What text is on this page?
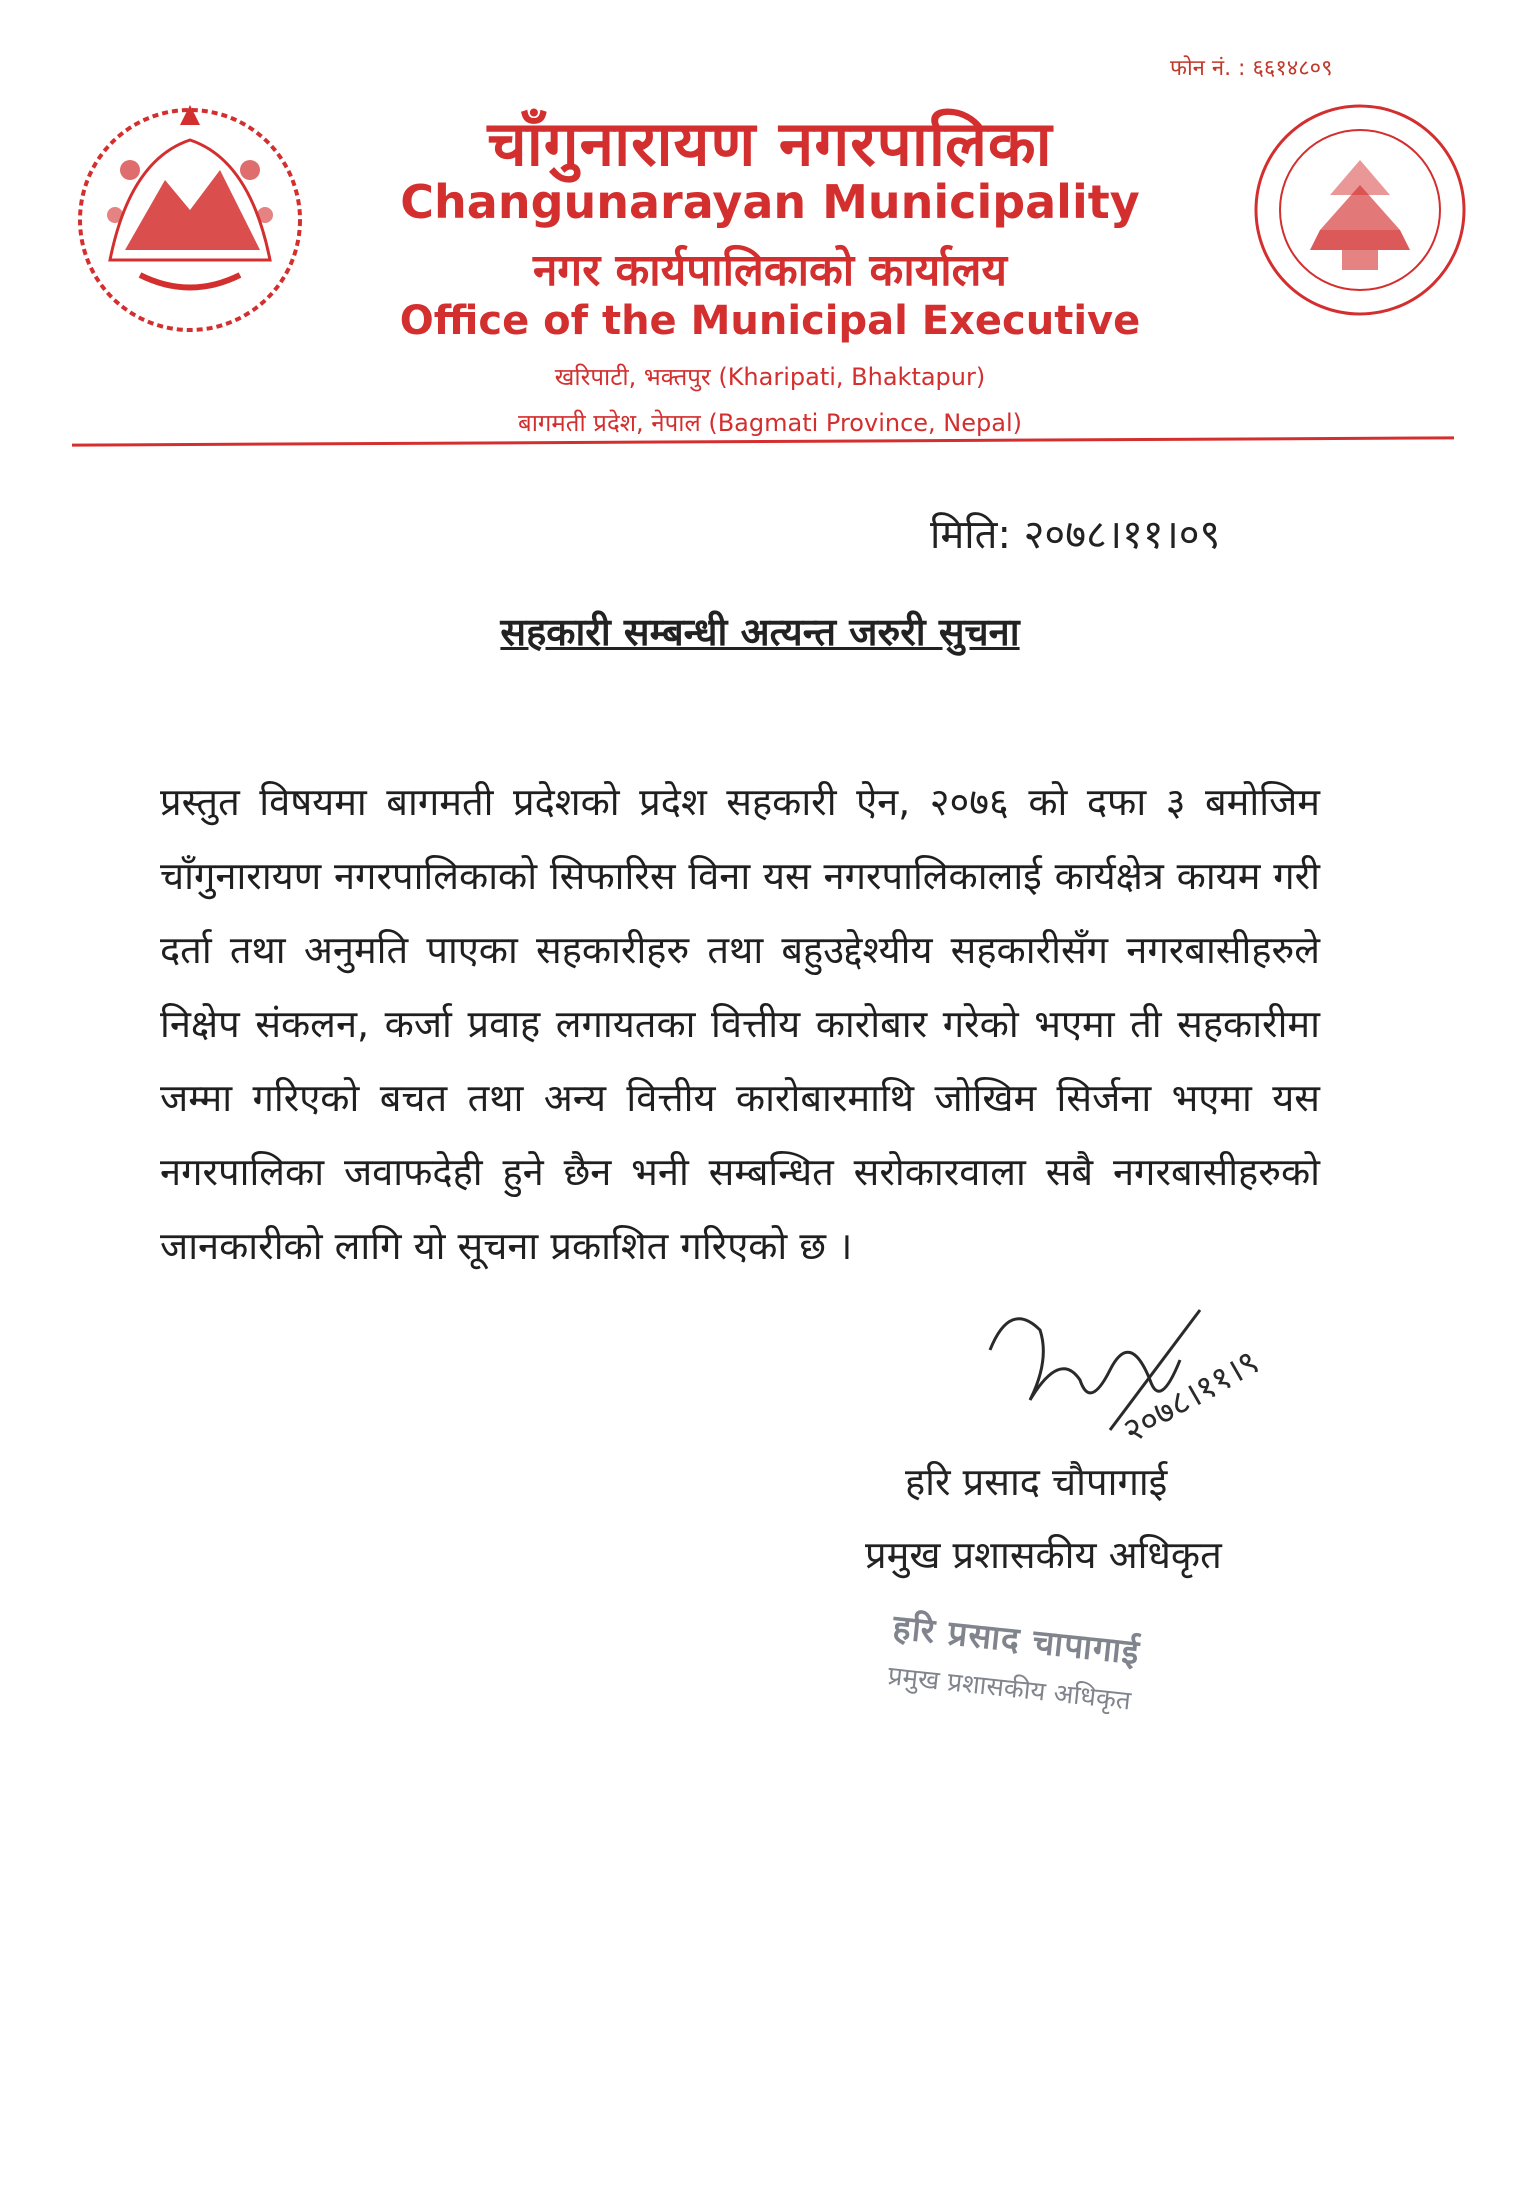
फोन नं. : ६६१४८०९
चाँगुनारायण नगरपालिका
Changunarayan Municipality
नगर कार्यपालिकाको कार्यालय
Office of the Municipal Executive
खरिपाटी, भक्तपुर (Kharipati, Bhaktapur)
बागमती प्रदेश, नेपाल (Bagmati Province, Nepal)
मिति: २०७८।११।०९
सहकारी सम्बन्धी अत्यन्त जरुरी सुचना
प्रस्तुत विषयमा बागमती प्रदेशको प्रदेश सहकारी ऐन, २०७६ को दफा ३ बमोजिम चाँगुनारायण नगरपालिकाको सिफारिस विना यस नगरपालिकालाई कार्यक्षेत्र कायम गरी दर्ता तथा अनुमति पाएका सहकारीहरु तथा बहुउद्देश्यीय सहकारीसँग नगरबासीहरुले निक्षेप संकलन, कर्जा प्रवाह लगायतका वित्तीय कारोबार गरेको भएमा ती सहकारीमा जम्मा गरिएको बचत तथा अन्य वित्तीय कारोबारमाथि जोखिम सिर्जना भएमा यस नगरपालिका जवाफदेही हुने छैन भनी सम्बन्धित सरोकारवाला सबै नगरबासीहरुको जानकारीको लागि यो सूचना प्रकाशित गरिएको छ ।
२०७८।११।९
हरि प्रसाद चौपागाई
प्रमुख प्रशासकीय अधिकृत
हरि प्रसाद चापागाई
प्रमुख प्रशासकीय अधिकृत
